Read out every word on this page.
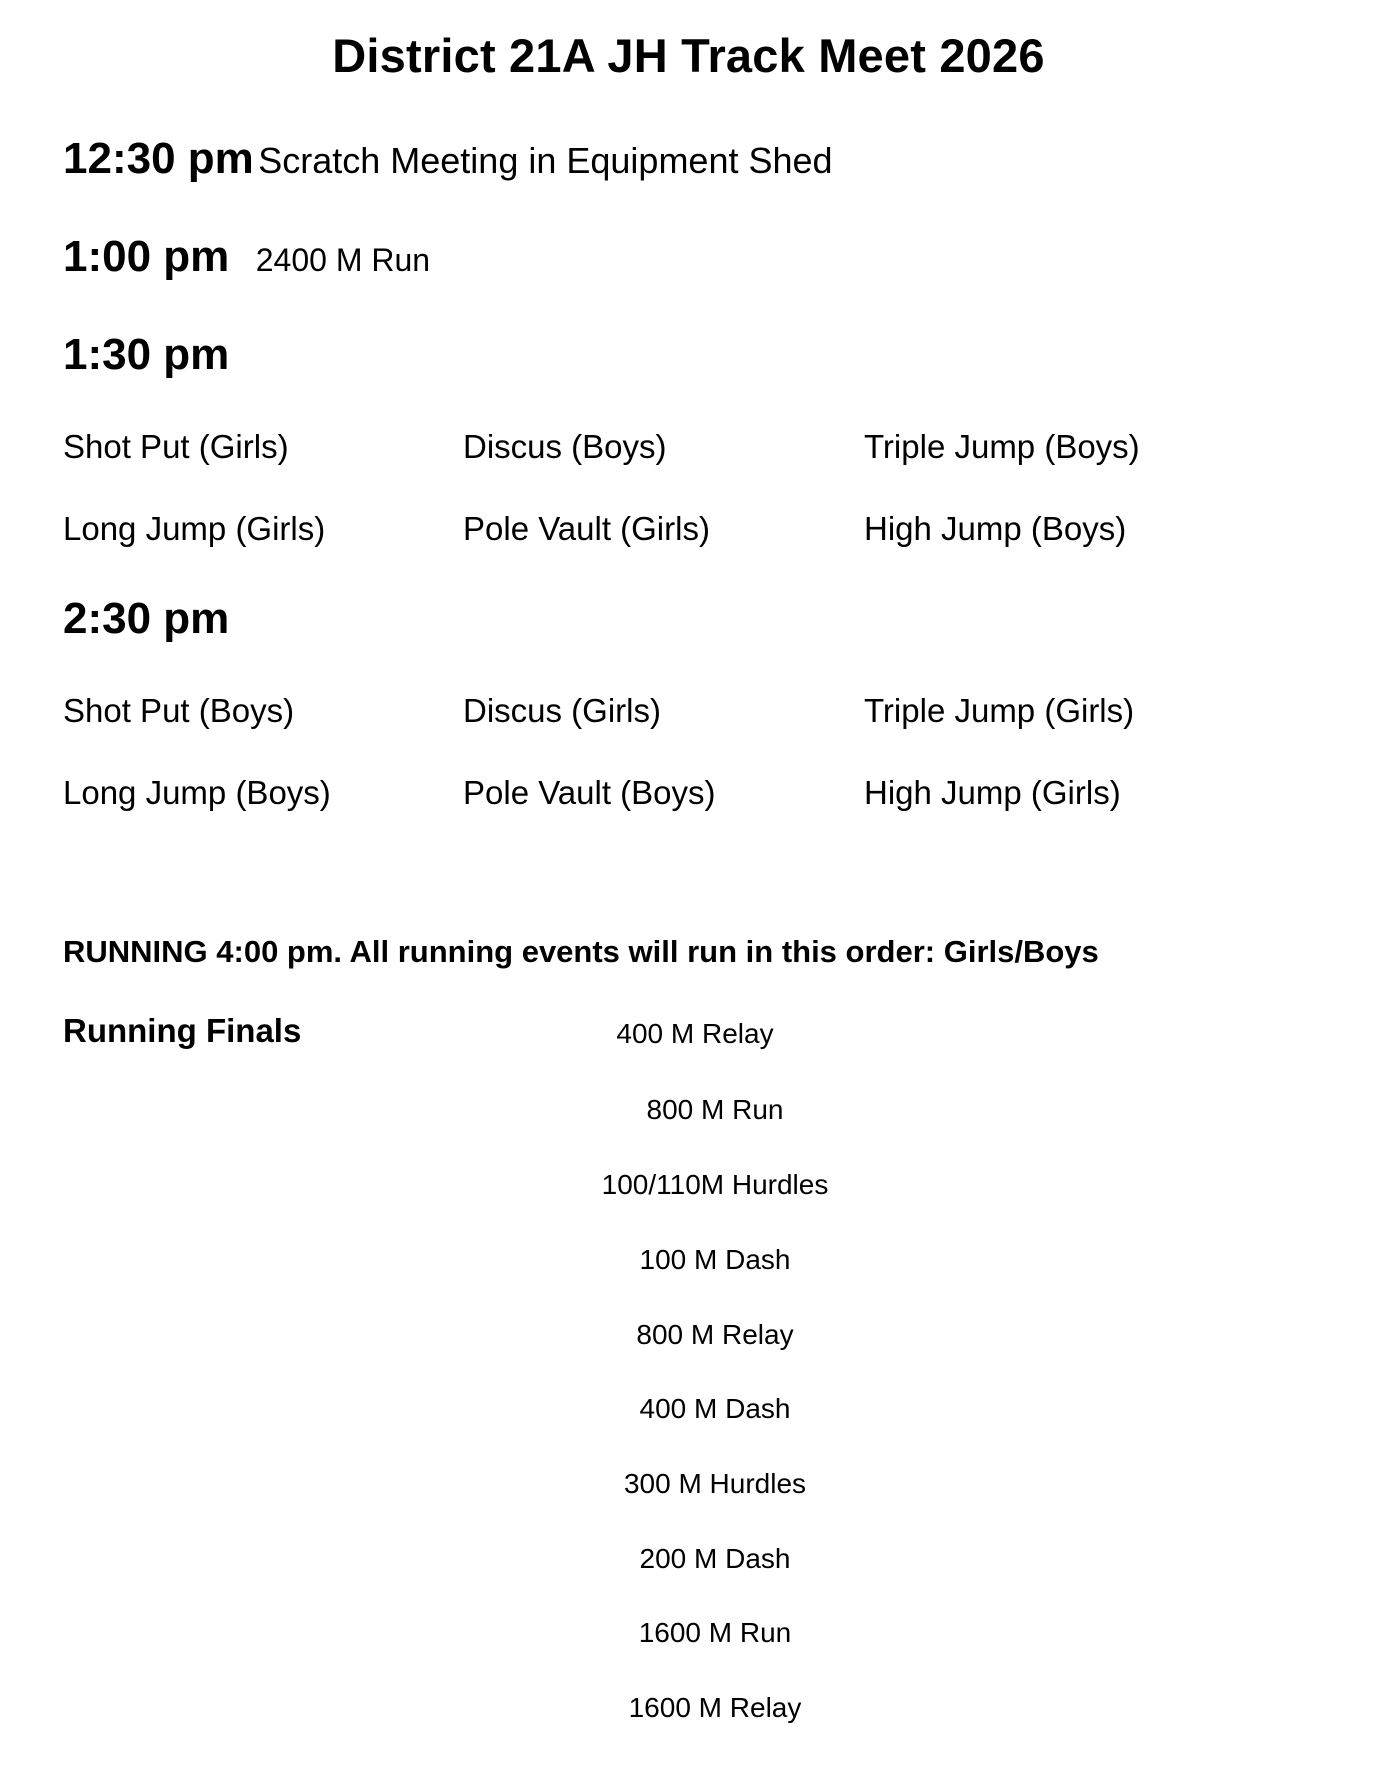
District 21A JH Track Meet 2026
12:30 pm Scratch Meeting in Equipment Shed
1:00 pm 2400 M Run
1:30 pm
Shot Put (Girls)	Discus (Boys)	Triple Jump (Boys)
Long Jump (Girls)	Pole Vault (Girls)	High Jump (Boys)
2:30 pm
Shot Put (Boys)	Discus (Girls)	Triple Jump (Girls)
Long Jump (Boys)	Pole Vault (Boys)	High Jump (Girls)
RUNNING 4:00 pm. All running events will run in this order: Girls/Boys
Running Finals	400 M Relay
800 M Run
100/110M Hurdles
100 M Dash
800 M Relay
400 M Dash
300 M Hurdles
200 M Dash
1600 M Run
1600 M Relay
